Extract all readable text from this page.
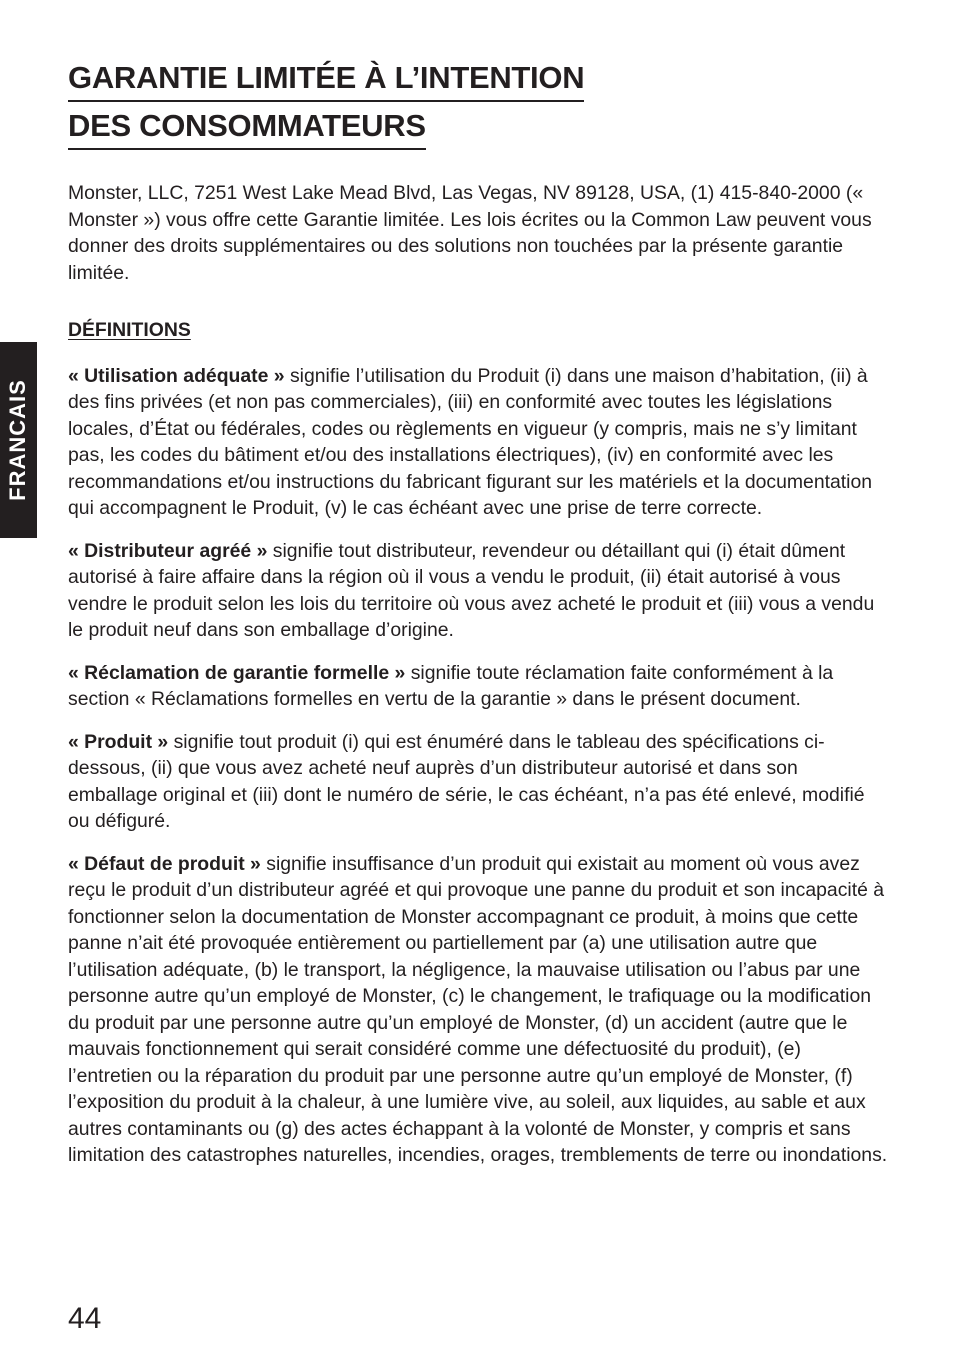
FRANCAIS
GARANTIE LIMITÉE À L’INTENTION
DES CONSOMMATEURS

Monster, LLC, 7251 West Lake Mead Blvd, Las Vegas, NV 89128, USA, (1) 415-840-2000 (« Monster ») vous offre cette Garantie limitée. Les lois écrites ou la Common Law peuvent vous donner des droits supplémentaires ou des solutions non touchées par la présente garantie limitée.

DÉFINITIONS

« Utilisation adéquate » signifie l’utilisation du Produit (i) dans une maison d’habitation, (ii) à des fins privées (et non pas commerciales), (iii) en conformité avec toutes les législations locales, d’État ou fédérales, codes ou règlements en vigueur (y compris, mais ne s’y limitant pas, les codes du bâtiment et/ou des installations électriques), (iv) en conformité avec les recommandations et/ou instructions du fabricant figurant sur les matériels et la documentation qui accompagnent le Produit, (v) le cas échéant avec une prise de terre correcte.

« Distributeur agréé » signifie tout distributeur, revendeur ou détaillant qui (i) était dûment autorisé à faire affaire dans la région où il vous a vendu le produit, (ii) était autorisé à vous vendre le produit selon les lois du territoire où vous avez acheté le produit et (iii) vous a vendu le produit neuf dans son emballage d’origine.

« Réclamation de garantie formelle » signifie toute réclamation faite conformément à la section « Réclamations formelles en vertu de la garantie » dans le présent document.

« Produit » signifie tout produit (i) qui est énuméré dans le tableau des spécifications ci-dessous, (ii) que vous avez acheté neuf auprès d’un distributeur autorisé et dans son emballage original et (iii) dont le numéro de série, le cas échéant, n’a pas été enlevé, modifié ou défiguré.

« Défaut de produit » signifie insuffisance d’un produit qui existait au moment où vous avez reçu le produit d’un distributeur agréé et qui provoque une panne du produit et son incapacité à fonctionner selon la documentation de Monster accompagnant ce produit, à moins que cette panne n’ait été provoquée entièrement ou partiellement par (a) une utilisation autre que l’utilisation adéquate, (b) le transport, la négligence, la mauvaise utilisation ou l’abus par une personne autre qu’un employé de Monster, (c) le changement, le trafiquage ou la modification du produit par une personne autre qu’un employé de Monster, (d) un accident (autre que le mauvais fonctionnement qui serait considéré comme une défectuosité du produit), (e) l’entretien ou la réparation du produit par une personne autre qu’un employé de Monster, (f) l’exposition du produit à la chaleur, à une lumière vive, au soleil, aux liquides, au sable et aux autres contaminants ou (g) des actes échappant à la volonté de Monster, y compris et sans limitation des catastrophes naturelles, incendies, orages, tremblements de terre ou inondations.

44
